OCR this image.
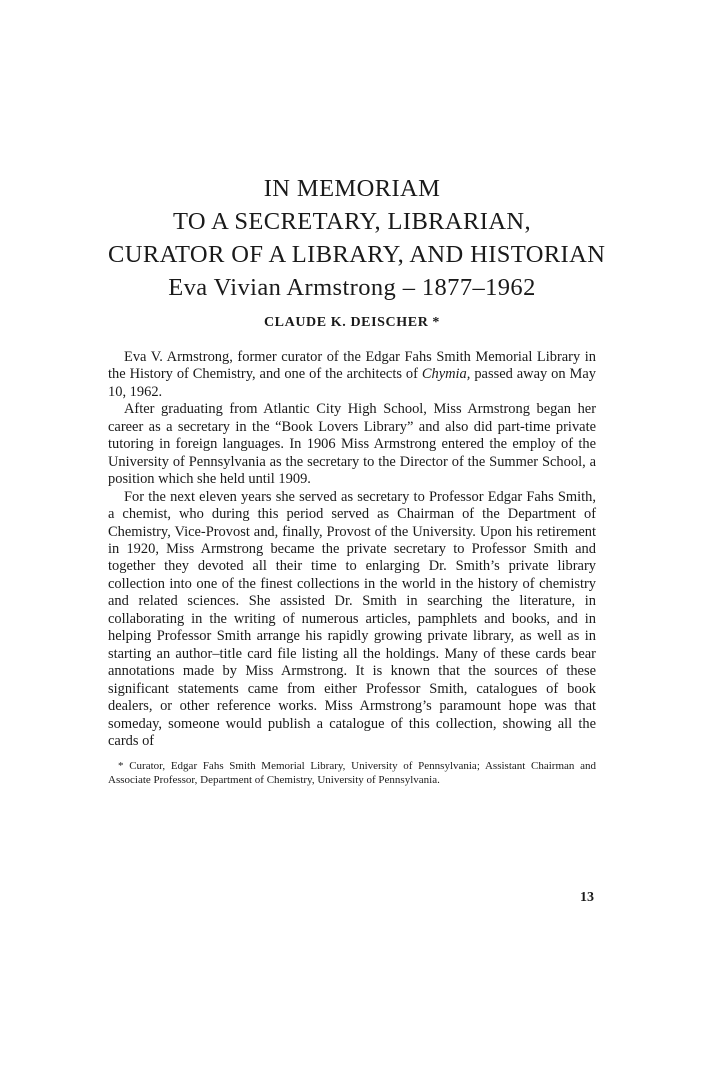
IN MEMORIAM
TO A SECRETARY, LIBRARIAN,
CURATOR OF A LIBRARY, AND HISTORIAN
Eva Vivian Armstrong – 1877–1962
CLAUDE K. DEISCHER *

Eva V. Armstrong, former curator of the Edgar Fahs Smith Memorial Library in the History of Chemistry, and one of the architects of Chymia, passed away on May 10, 1962.

After graduating from Atlantic City High School, Miss Armstrong began her career as a secretary in the “Book Lovers Library” and also did part-time private tutoring in foreign languages. In 1906 Miss Armstrong entered the employ of the University of Pennsylvania as the secretary to the Director of the Summer School, a position which she held until 1909.

For the next eleven years she served as secretary to Professor Edgar Fahs Smith, a chemist, who during this period served as Chairman of the Department of Chemistry, Vice-Provost and, finally, Provost of the University. Upon his retirement in 1920, Miss Armstrong became the private secretary to Professor Smith and together they devoted all their time to enlarging Dr. Smith’s private library collection into one of the finest collections in the world in the history of chemistry and related sciences. She assisted Dr. Smith in searching the literature, in collaborating in the writing of numerous articles, pamphlets and books, and in helping Professor Smith arrange his rapidly growing private library, as well as in starting an author–title card file listing all the holdings. Many of these cards bear annotations made by Miss Armstrong. It is known that the sources of these significant statements came from either Professor Smith, catalogues of book dealers, or other reference works. Miss Armstrong’s paramount hope was that someday, someone would publish a catalogue of this collection, showing all the cards of

* Curator, Edgar Fahs Smith Memorial Library, University of Pennsylvania; Assistant Chairman and Associate Professor, Department of Chemistry, University of Pennsylvania.

13
